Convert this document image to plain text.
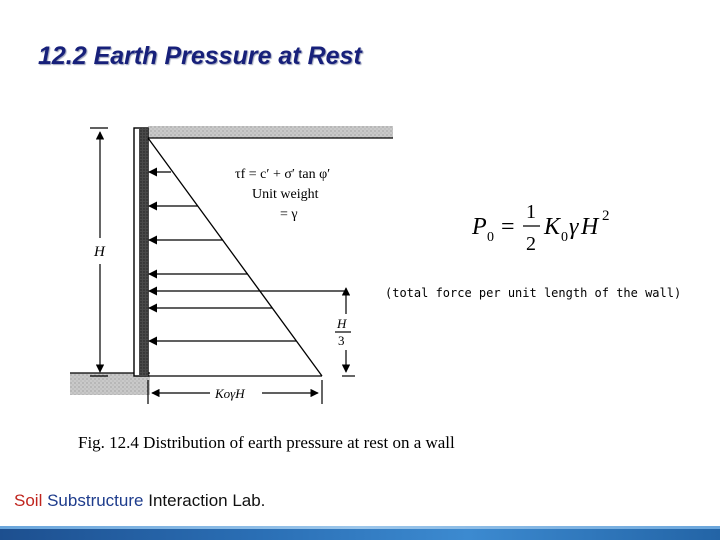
12.2 Earth Pressure at Rest
H
H
3
KoγH
τf = c′ + σ′ tan φ′
Unit weight
= γ	P 0 =
1
2
K 0 γ H 2
(total force per unit length of the wall)
Fig. 12.4 Distribution of earth pressure at rest on a wall
Soil Substructure Interaction Lab.
